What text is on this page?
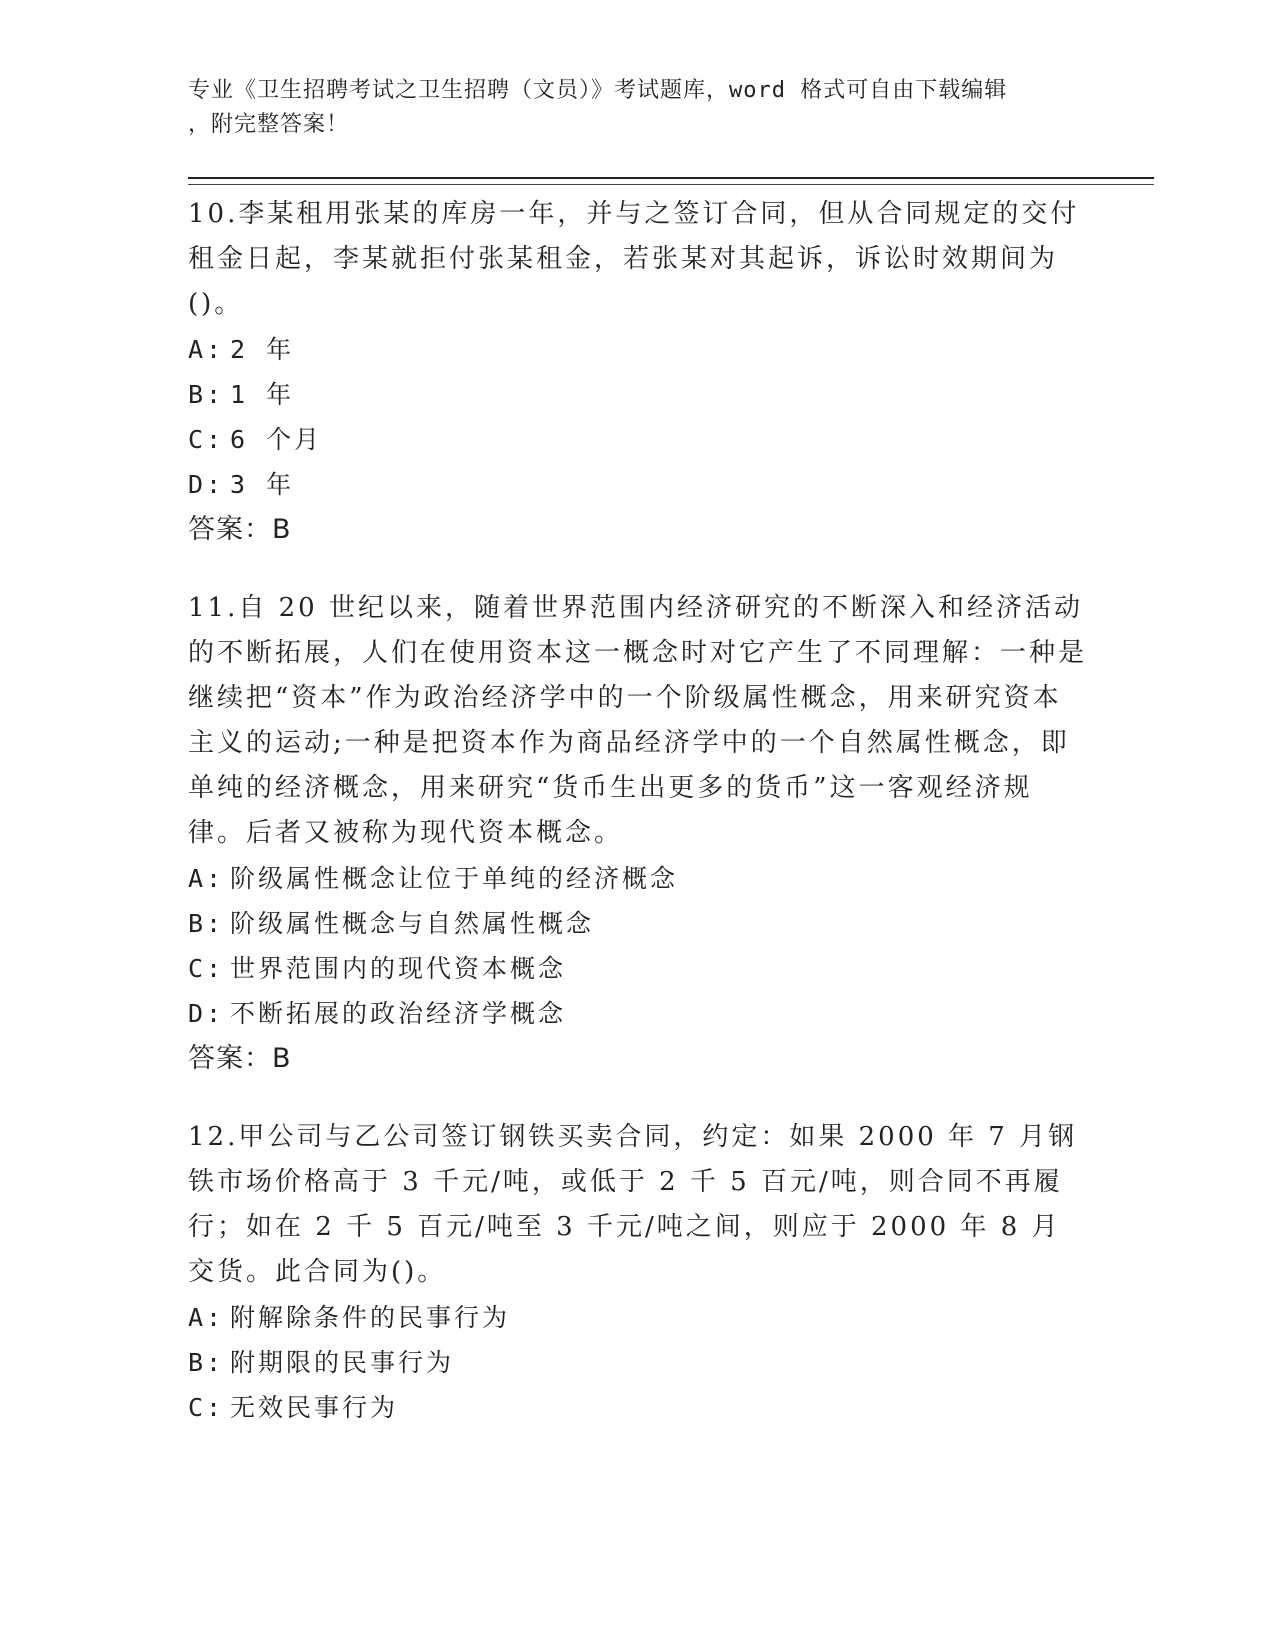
专业《卫生招聘考试之卫生招聘（文员）》考试题库，word 格式可自由下载编辑
，附完整答案！

10.李某租用张某的库房一年，并与之签订合同，但从合同规定的交付租金日起，李某就拒付张某租金，若张某对其起诉，诉讼时效期间为()。

A: 2 年

B: 1 年

C: 6 个月

D: 3 年

答案：B

11.自 20 世纪以来，随着世界范围内经济研究的不断深入和经济活动的不断拓展，人们在使用资本这一概念时对它产生了不同理解：一种是继续把“资本”作为政治经济学中的一个阶级属性概念，用来研究资本主义的运动;一种是把资本作为商品经济学中的一个自然属性概念，即单纯的经济概念，用来研究“货币生出更多的货币”这一客观经济规律。后者又被称为现代资本概念。

A: 阶级属性概念让位于单纯的经济概念

B: 阶级属性概念与自然属性概念

C: 世界范围内的现代资本概念

D: 不断拓展的政治经济学概念

答案：B

12.甲公司与乙公司签订钢铁买卖合同，约定：如果 2000 年 7 月钢铁市场价格高于 3 千元/吨，或低于 2 千 5 百元/吨，则合同不再履行；如在 2 千 5 百元/吨至 3 千元/吨之间，则应于 2000 年 8 月交货。此合同为()。

A: 附解除条件的民事行为

B: 附期限的民事行为

C: 无效民事行为
